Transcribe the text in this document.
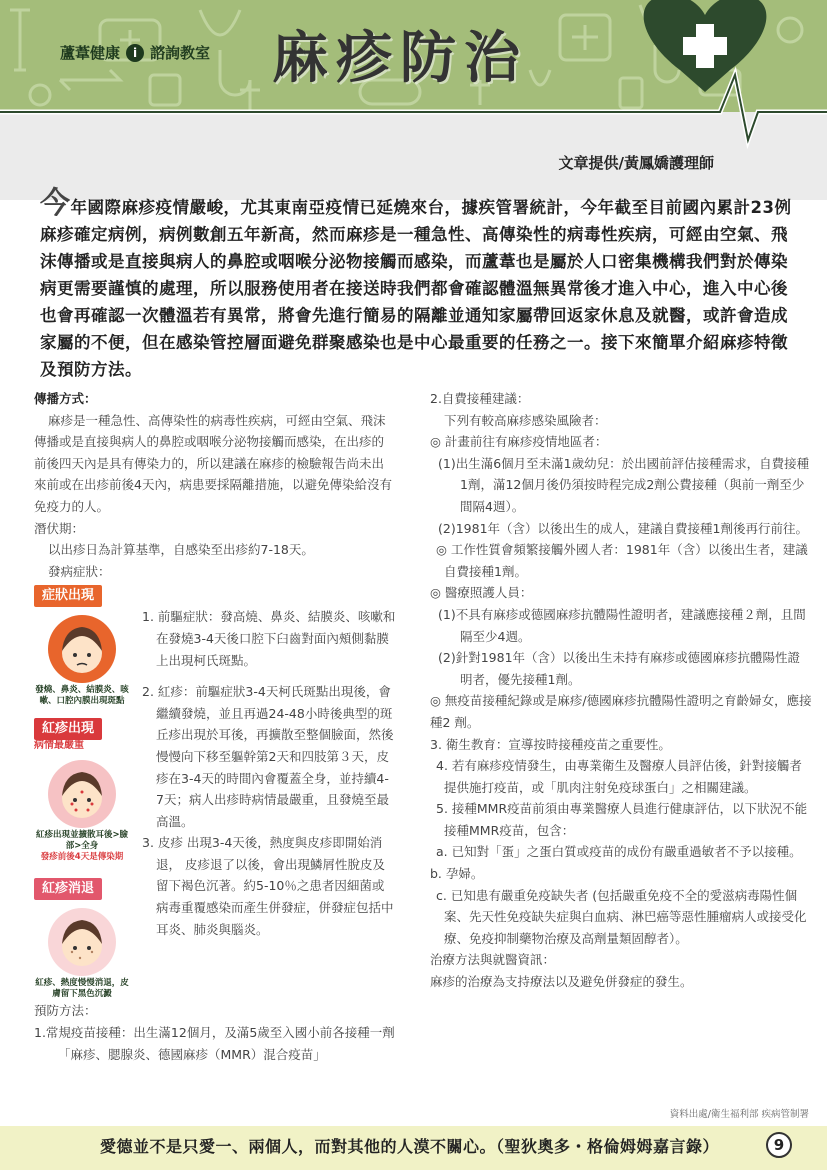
蘆葦健康	i 諮詢教室 麻疹防治
文章提供/黃鳳嬌護理師
今年國際麻疹疫情嚴峻，尤其東南亞疫情已延燒來台，據疾管署統計，今年截至目前國內累計23例麻疹確定病例，病例數創五年新高，然而麻疹是一種急性、高傳染性的病毒性疾病，可經由空氣、飛沫傳播或是直接與病人的鼻腔或咽喉分泌物接觸而感染，而蘆葦也是屬於人口密集機構我們對於傳染病更需要謹慎的處理，所以服務使用者在接送時我們都會確認體溫無異常後才進入中心，進入中心後也會再確認一次體溫若有異常，將會先進行簡易的隔離並通知家屬帶回返家休息及就醫，或許會造成家屬的不便，但在感染管控層面避免群聚感染也是中心最重要的任務之一。接下來簡單介紹麻疹特徵及預防方法。
傳播方式：
麻疹是一種急性、高傳染性的病毒性疾病，可經由空氣、飛沫傳播或是直接與病人的鼻腔或咽喉分泌物接觸而感染，在出疹的前後四天內是具有傳染力的，所以建議在麻疹的檢驗報告尚未出來前或在出疹前後4天內，病患要採隔離措施，以避免傳染給沒有免疫力的人。
潛伏期：
以出疹日為計算基準，自感染至出疹約7-18天。
發病症狀：
症狀出現
發燒、鼻炎、結膜炎、咳嗽、口腔內膜出現斑點
紅疹出現
病情最嚴重
紅疹出現並擴散耳後>臉部>全身
發疹前後4天是傳染期
紅疹消退
紅疹、熱度慢慢消退，皮膚留下黑色沉澱
1. 前驅症狀：發高燒、鼻炎、結膜炎、咳嗽和在發燒3-4天後口腔下臼齒對面內頰側黏膜上出現柯氏斑點。
2. 紅疹：前驅症狀3-4天柯氏斑點出現後，會繼續發燒，並且再過24-48小時後典型的斑丘疹出現於耳後，再擴散至整個臉面，然後慢慢向下移至軀幹第2天和四肢第３天，皮疹在3-4天的時間內會覆蓋全身，並持續4-7天；病人出疹時病情最嚴重，且發燒至最高溫。
3. 皮疹 出現3-4天後，熱度與皮疹即開始消退， 皮疹退了以後，會出現鱗屑性脫皮及留下褐色沉著。約5-10％之患者因細菌或病毒重覆感染而產生併發症，併發症包括中耳炎、肺炎與腦炎。
預防方法：
1.常規疫苗接種：出生滿12個月，及滿5歲至入國小前各接種一劑「麻疹、腮腺炎、德國麻疹（MMR）混合疫苗」
2.自費接種建議：
下列有較高麻疹感染風險者：
◎ 計畫前往有麻疹疫情地區者：
(1)出生滿6個月至未滿1歲幼兒：於出國前評估接種需求，自費接種1劑，滿12個月後仍須按時程完成2劑公費接種（與前一劑至少間隔4週）。
(2)1981年（含）以後出生的成人，建議自費接種1劑後再行前往。
◎ 工作性質會頻繁接觸外國人者：1981年（含）以後出生者，建議自費接種1劑。
◎ 醫療照護人員：
(1)不具有麻疹或德國麻疹抗體陽性證明者，建議應接種２劑，且間隔至少4週。
(2)針對1981年（含）以後出生未持有麻疹或德國麻疹抗體陽性證明者，優先接種1劑。
◎ 無疫苗接種紀錄或是麻疹/德國麻疹抗體陽性證明之育齡婦女，應接種2 劑。
3. 衛生教育：宣導按時接種疫苗之重要性。
4. 若有麻疹疫情發生，由專業衛生及醫療人員評估後，針對接觸者提供施打疫苗，或「肌肉注射免疫球蛋白」之相關建議。
5. 接種MMR疫苗前須由專業醫療人員進行健康評估，以下狀況不能接種MMR疫苗，包含：
a. 已知對「蛋」之蛋白質或疫苗的成份有嚴重過敏者不予以接種。
b. 孕婦。
c. 已知患有嚴重免疫缺失者 (包括嚴重免疫不全的愛滋病毒陽性個案、先天性免疫缺失症與白血病、淋巴癌等惡性腫瘤病人或接受化療、免疫抑制藥物治療及高劑量類固醇者）。
治療方法與就醫資訊：
麻疹的治療為支持療法以及避免併發症的發生。
資料出處/衛生福利部 疾病管制署
愛德並不是只愛一、兩個人，而對其他的人漠不關心。（聖狄奧多・格倫姆姆嘉言錄）	9
